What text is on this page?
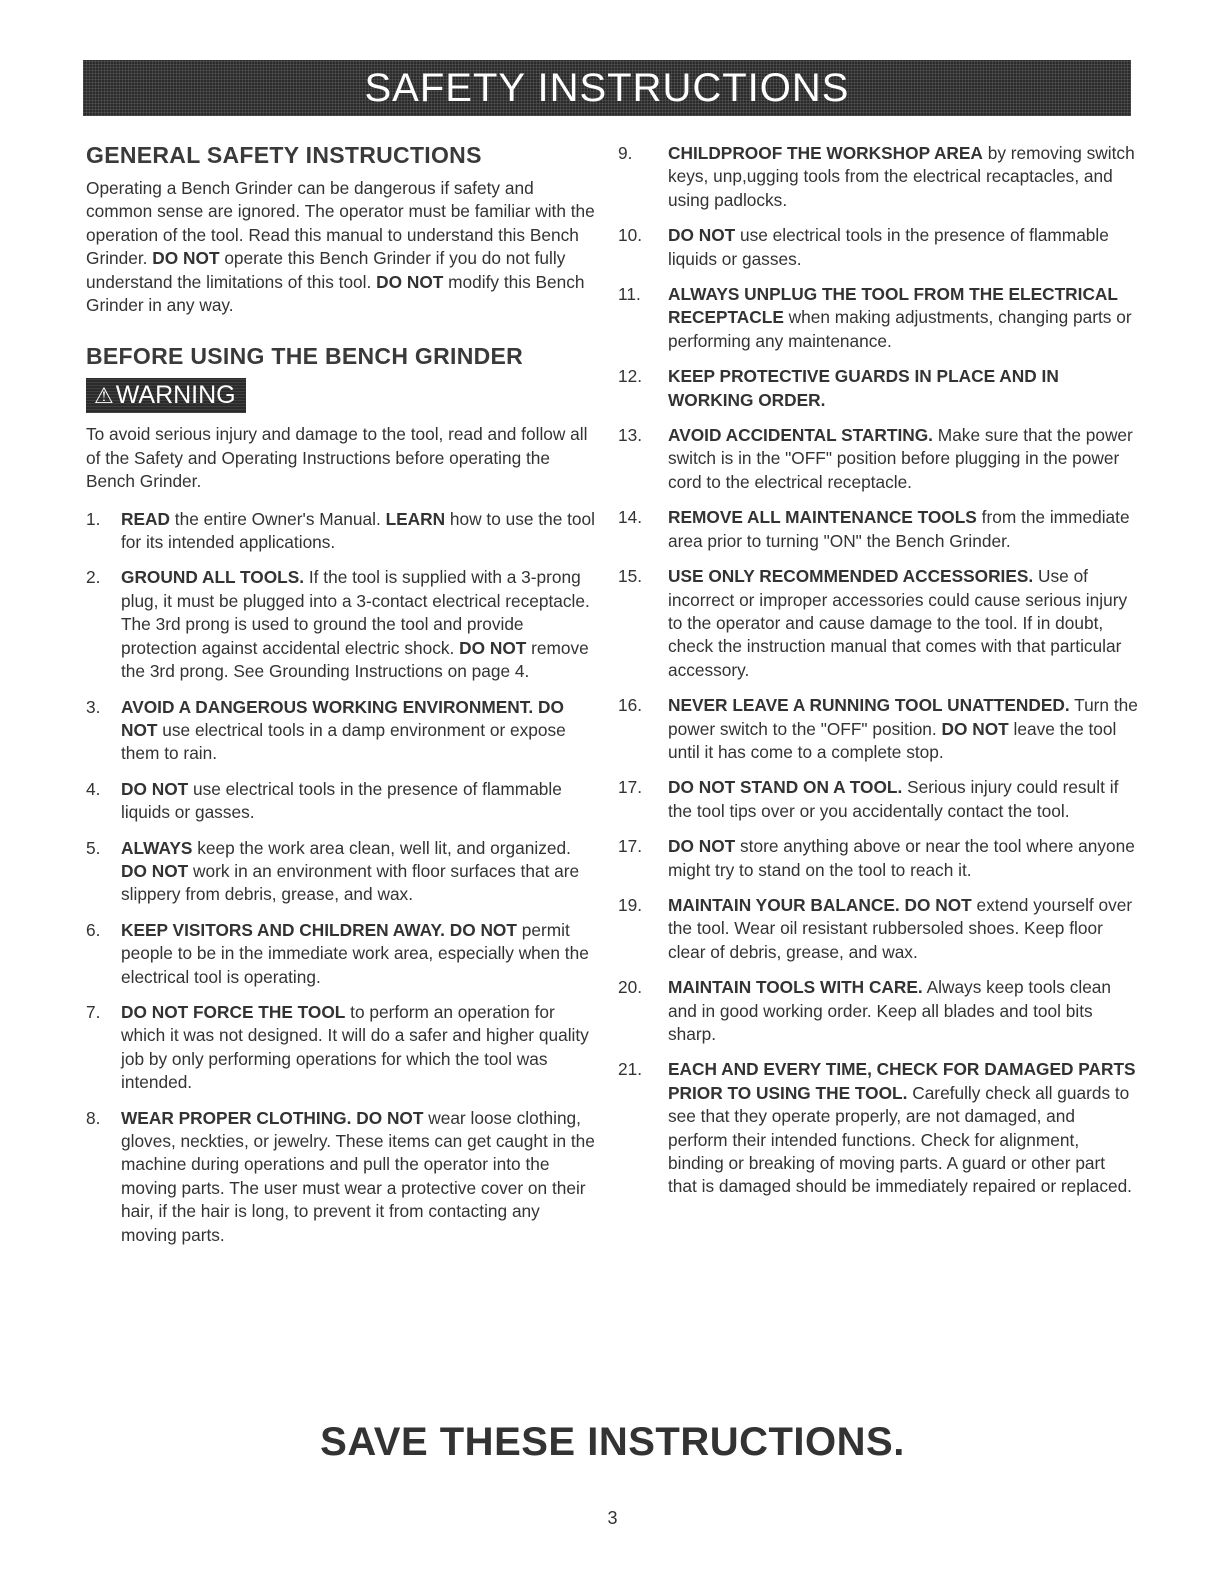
SAFETY INSTRUCTIONS
GENERAL SAFETY INSTRUCTIONS

Operating a Bench Grinder can be dangerous if safety and common sense are ignored. The operator must be familiar with the operation of the tool. Read this manual to understand this Bench Grinder. DO NOT operate this Bench Grinder if you do not fully understand the limitations of this tool. DO NOT modify this Bench Grinder in any way.

BEFORE USING THE BENCH GRINDER
⚠WARNING

To avoid serious injury and damage to the tool, read and follow all of the Safety and Operating Instructions before operating the Bench Grinder.

1.	READ the entire Owner's Manual. LEARN how to use the tool for its intended applications.
2.	GROUND ALL TOOLS. If the tool is supplied with a 3-prong plug, it must be plugged into a 3-contact electrical receptacle. The 3rd prong is used to ground the tool and provide protection against accidental electric shock. DO NOT remove the 3rd prong. See Grounding Instructions on page 4.
3.	AVOID A DANGEROUS WORKING ENVIRONMENT. DO NOT use electrical tools in a damp environment or expose them to rain.
4.	DO NOT use electrical tools in the presence of flammable liquids or gasses.
5.	ALWAYS keep the work area clean, well lit, and organized. DO NOT work in an environment with floor surfaces that are slippery from debris, grease, and wax.
6.	KEEP VISITORS AND CHILDREN AWAY. DO NOT permit people to be in the immediate work area, especially when the electrical tool is operating.
7.	DO NOT FORCE THE TOOL to perform an operation for which it was not designed. It will do a safer and higher quality job by only performing operations for which the tool was intended.
8.	WEAR PROPER CLOTHING. DO NOT wear loose clothing, gloves, neckties, or jewelry. These items can get caught in the machine during operations and pull the operator into the moving parts. The user must wear a protective cover on their hair, if the hair is long, to prevent it from contacting any moving parts.
9.	CHILDPROOF THE WORKSHOP AREA by removing switch keys, unp,ugging tools from the electrical recaptacles, and using padlocks.
10.	DO NOT use electrical tools in the presence of flammable liquids or gasses.
11.	ALWAYS UNPLUG THE TOOL FROM THE ELECTRICAL RECEPTACLE when making adjustments, changing parts or performing any maintenance.
12.	KEEP PROTECTIVE GUARDS IN PLACE AND IN WORKING ORDER.
13.	AVOID ACCIDENTAL STARTING. Make sure that the power switch is in the "OFF" position before plugging in the power cord to the electrical receptacle.
14.	REMOVE ALL MAINTENANCE TOOLS from the immediate area prior to turning "ON" the Bench Grinder.
15.	USE ONLY RECOMMENDED ACCESSORIES. Use of incorrect or improper accessories could cause serious injury to the operator and cause damage to the tool. If in doubt, check the instruction manual that comes with that particular accessory.
16.	NEVER LEAVE A RUNNING TOOL UNATTENDED. Turn the power switch to the "OFF" position. DO NOT leave the tool until it has come to a complete stop.
17.	DO NOT STAND ON A TOOL. Serious injury could result if the tool tips over or you accidentally contact the tool.
17.	DO NOT store anything above or near the tool where anyone might try to stand on the tool to reach it.
19.	MAINTAIN YOUR BALANCE. DO NOT extend yourself over the tool. Wear oil resistant rubbersoled shoes. Keep floor clear of debris, grease, and wax.
20.	MAINTAIN TOOLS WITH CARE. Always keep tools clean and in good working order. Keep all blades and tool bits sharp.
21.	EACH AND EVERY TIME, CHECK FOR DAMAGED PARTS PRIOR TO USING THE TOOL. Carefully check all guards to see that they operate properly, are not damaged, and perform their intended functions. Check for alignment, binding or breaking of moving parts. A guard or other part that is damaged should be immediately repaired or replaced.
SAVE THESE INSTRUCTIONS.
3
